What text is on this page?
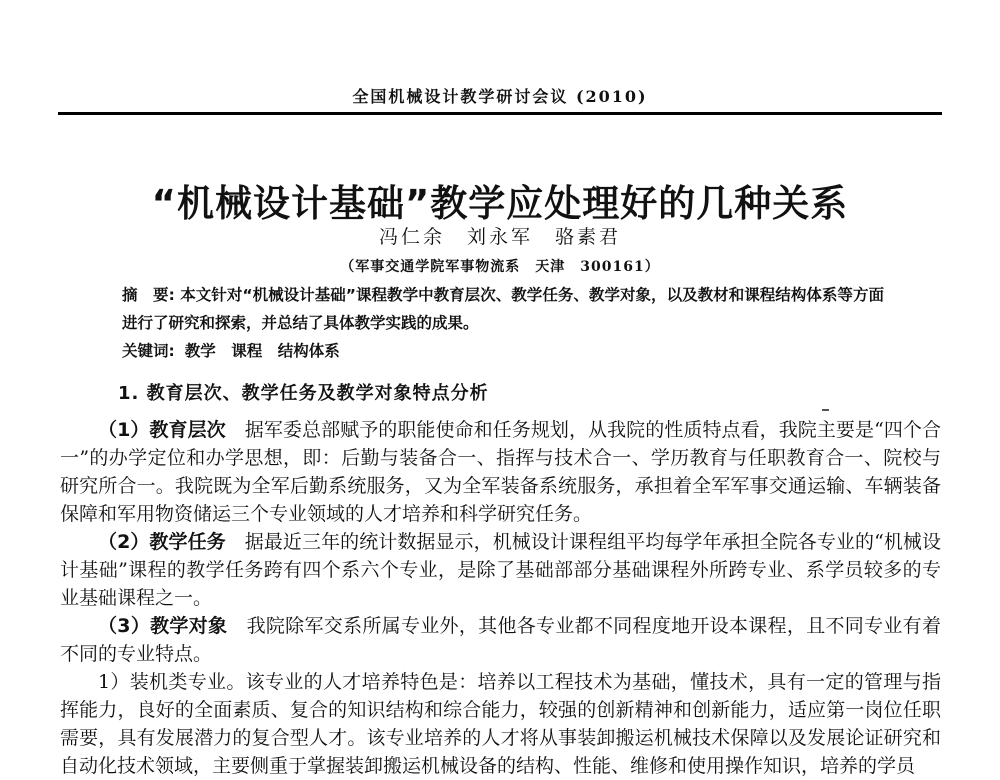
全国机械设计教学研讨会议 (2010)
“机械设计基础”教学应处理好的几种关系
冯仁余　刘永军　骆素君
（军事交通学院军事物流系　天津　300161）

摘　要: 本文针对“机械设计基础”课程教学中教育层次、教学任务、教学对象，以及教材和课程结构体系等方面进行了研究和探索，并总结了具体教学实践的成果。

关键词: 教学　课程　结构体系

1. 教育层次、教学任务及教学对象特点分析

（1）教育层次　据军委总部赋予的职能使命和任务规划，从我院的性质特点看，我院主要是“四个合一”的办学定位和办学思想，即：后勤与装备合一、指挥与技术合一、学历教育与任职教育合一、院校与研究所合一。我院既为全军后勤系统服务，又为全军装备系统服务，承担着全军军事交通运输、车辆装备保障和军用物资储运三个专业领域的人才培养和科学研究任务。

（2）教学任务　据最近三年的统计数据显示，机械设计课程组平均每学年承担全院各专业的“机械设计基础”课程的教学任务跨有四个系六个专业，是除了基础部部分基础课程外所跨专业、系学员较多的专业基础课程之一。

（3）教学对象　我院除军交系所属专业外，其他各专业都不同程度地开设本课程，且不同专业有着不同的专业特点。

1）装机类专业。该专业的人才培养特色是：培养以工程技术为基础，懂技术，具有一定的管理与指挥能力，良好的全面素质、复合的知识结构和综合能力，较强的创新精神和创新能力，适应第一岗位任职需要，具有发展潜力的复合型人才。该专业培养的人才将从事装卸搬运机械技术保障以及发展论证研究和自动化技术领域，主要侧重于掌握装卸搬运机械设备的结构、性能、维修和使用操作知识，培养的学员
